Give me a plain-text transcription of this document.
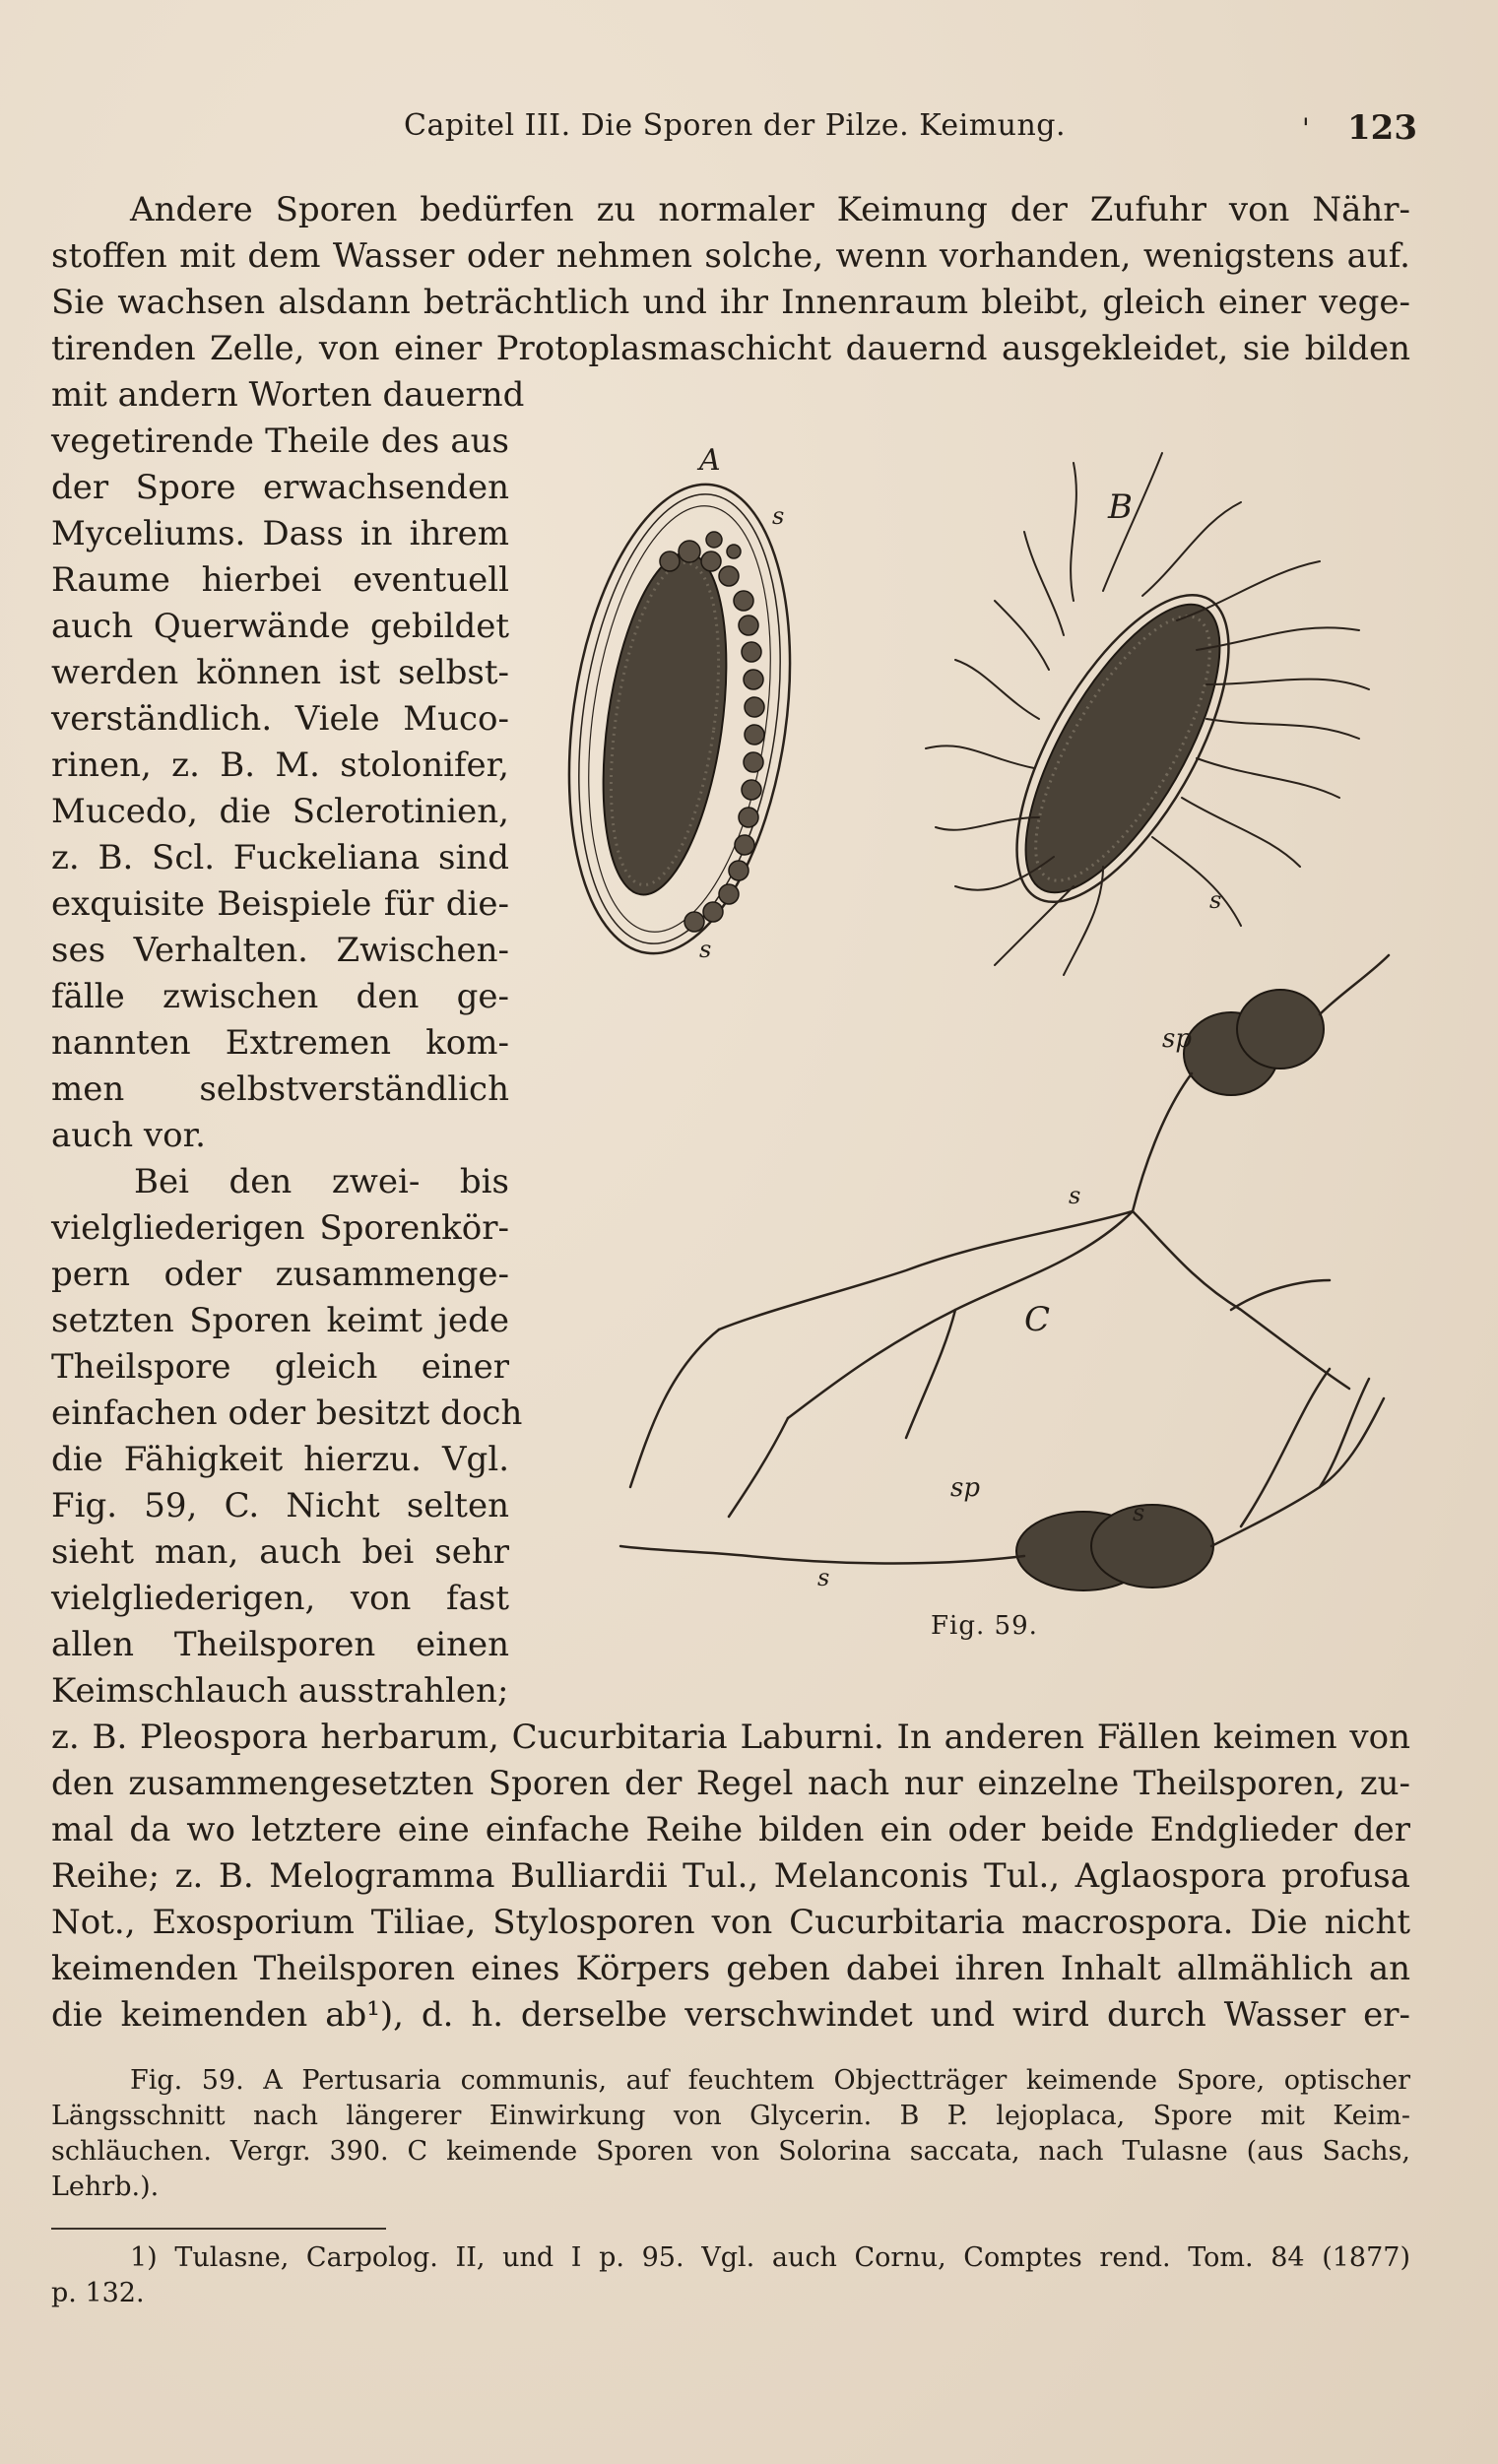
Capitel III. Die Sporen der Pilze. Keimung.	' 123
Andere Sporen bedürfen zu normaler Keimung der Zufuhr von Nähr-
stoffen mit dem Wasser oder nehmen solche, wenn vorhanden, wenigstens auf.
Sie wachsen alsdann beträchtlich und ihr Innenraum bleibt, gleich einer vege-
tirenden Zelle, von einer Protoplasmaschicht dauernd ausgekleidet, sie bilden
mit andern Worten dauernd
vegetirende Theile des aus
der Spore erwachsenden
Myceliums. Dass in ihrem
Raume hierbei eventuell
auch Querwände gebildet
werden können ist selbst-
verständlich. Viele Muco-
rinen, z. B. M. stolonifer,
Mucedo, die Sclerotinien,
z. B. Scl. Fuckeliana sind
exquisite Beispiele für die-
ses Verhalten. Zwischen-
fälle zwischen den ge-
nannten Extremen kom-
men selbstverständlich
auch vor.
Bei den zwei- bis
vielgliederigen Sporenkör-
pern oder zusammenge-
setzten Sporen keimt jede
Theilspore gleich einer
einfachen oder besitzt doch
die Fähigkeit hierzu. Vgl.
Fig. 59, C. Nicht selten
sieht man, auch bei sehr
vielgliederigen, von fast
allen Theilsporen einen
Keimschlauch ausstrahlen;
z. B. Pleospora herbarum, Cucurbitaria Laburni. In anderen Fällen keimen von
den zusammengesetzten Sporen der Regel nach nur einzelne Theilsporen, zu-
mal da wo letztere eine einfache Reihe bilden ein oder beide Endglieder der
Reihe; z. B. Melogramma Bulliardii Tul., Melanconis Tul., Aglaospora profusa
Not., Exosporium Tiliae, Stylosporen von Cucurbitaria macrospora. Die nicht
keimenden Theilsporen eines Körpers geben dabei ihren Inhalt allmählich an
die keimenden ab¹), d. h. derselbe verschwindet und wird durch Wasser er-
A
B
C
s
s
s
s
s
s
sp
sp
Fig. 59.
Fig. 59. A Pertusaria communis, auf feuchtem Objectträger keimende Spore, optischer
Längsschnitt nach längerer Einwirkung von Glycerin. B P. lejoplaca, Spore mit Keim-
schläuchen. Vergr. 390. C keimende Sporen von Solorina saccata, nach Tulasne (aus Sachs,
Lehrb.).
1) Tulasne, Carpolog. II, und I p. 95. Vgl. auch Cornu, Comptes rend. Tom. 84 (1877)
p. 132.
